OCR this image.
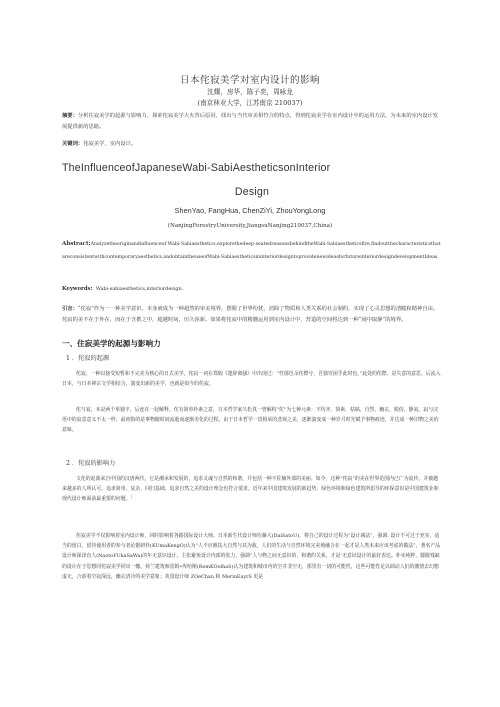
日本侘寂美学对室内设计的影响
沈耀，房华，陈子奕，周咏龙
(南京林业大学，江苏南京 210037)
摘要：分析住寂美学的起源与影响力，探索侘寂美学大火背后原因，找出与当代审美相符合的特点，得到侘寂美学在室内设计中的运用方法，为未来的室内设计发展提供新的思路。
关键词：侘寂美学，室内设计。
TheInfluenceofJapaneseWabi-SabiAestheticsonInterior
Design
ShenYao, FangHua, ChenZiYi, ZhouYongLong
(NanjingForestryUniversity,JiangsuNanjing210037,China)
Abstract:Analyzetheoriginandinfluenceof Wabi-Sabiaesthetics,explorethedeep-seatedreasonsbehindtheWabi-Sabiaestheticsfire,findoutthecharacteristicsthatareconsistentwithcontemporaryaesthetics,andobtaintheuseofWabi-SabiaestheticsininteriordesigntoprovidenewideasforfutureinteriordesigndevelopmentIdeas.
Keywords: Wabi-sabiaesthetics,interiordesign.
引言：“侘寂”作为一一种美学意识，本身就成为一种超然的审美境界，摆脱了世界纷扰，消除了物质和人类关系的社会制约，实现了心灵思想的清脆和精神自由。侘寂的美不在于外在，而在于含蓄之中，超越时间，历久弥新。如果将侘寂中的精髓运用到室内设计中，营造的空间将达到一种“闹中取静”的境界。
一、住寂美学的起源与影响力
1 ．侘寂的起源
侘寂，一种以接受短暂和不完美为核心的日式美学。侘寂一词在郑瑕《楚辞离骚》中出现过：“性郁邑余侘傺兮，吾独穷困乎此时也。”此处的侘傺，是失意的意思。后流入日本，与日本禅宗文学相结合，演变出新的美学，也就是如今的侘寂。
侘与寂，本是两个单独字，后连在一起解释。侘有简单朴素之意，日本哲学家久松真一曾解构“侘”为七种元素：不均齐，简素，枯槁，自然，幽玄，脱俗，静寂。寂与汉语中的寂意意义不太一样，最初指的是事物随时间流逝而逐渐劣化的过程。由于日本哲学一贯相承的悲观之美，逐渐演变成一种岁月时光赋予事物痕迹，并达成一种旧物之美的意味。
2 ．侘寂的影响力
文化的起源来自中国的汉唐两代，它是潮承和发展的，追求灵魂与自然的和谐，并包括一种不佐楠外部的美丽。如今，这种“侘寂”的美在世界范围内已广为流传，并被越来越多的人所认可。追求简单，复杂，回归基础，追求自然之美的设计理念也符合要求。近年来中国建筑发展的新趋势，绿色环境和绿色建筑所倡导的环保意识是中国建筑业和现代设计师面前最重要的问题。「
侘寂美学不仅影响着室内设计师，同时影响着各路国际设计大师。日本新生代设计师佐藤大(DaiSatoU)，将自己的设计过程为“设计减法”，强调. 设计不可过于充实，适当的留白，留待使用者的参与者论据研朴(KUmaKengO)认为“人不应被扶大自然与其为敌，人们的生活与自然环境完美地融合在一起才是人类未来应该考虑的做法”，著名产品设计师深泽直人(NaotoFUkaSaWa)的年无意识设计，主张避免设计内部的张力，强调“人与物之间无意识的，和谐的关系，才是‘无意识设计的最好表达。朴实纯粹，朦胧残缺的设计在于思想同侘寂美学同出一辙。荷兰建筑师雷姆•库哈斯(RemKOolhaS)认为建筑和城市内的空并非空无，那里有一切的可能性，这些可能性足以调动人们的激情去幻想虚无，合韵着空寂深远，幽玄清冷的美学意象；英国设计师 ZOeChan 和 MerinEayrS 更是
